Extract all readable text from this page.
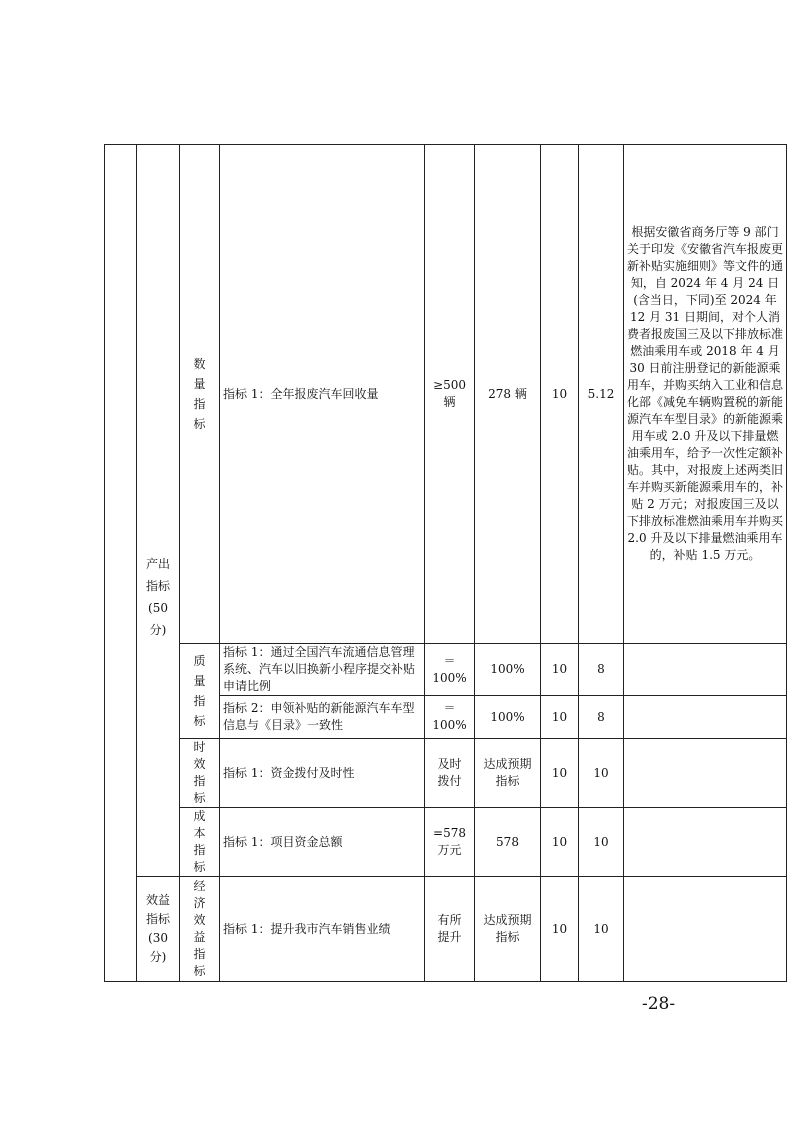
	产出指标(50分)	数量指标	指标 1：全年报废汽车回收量	≥500辆	278 辆	10	5.12	根据安徽省商务厅等 9 部门关于印发《安徽省汽车报废更新补贴实施细则》等文件的通知，自 2024 年 4 月 24 日(含当日，下同)至 2024 年 12 月 31 日期间，对个人消费者报废国三及以下排放标准燃油乘用车或 2018 年 4 月 30 日前注册登记的新能源乘用车，并购买纳入工业和信息化部《减免车辆购置税的新能源汽车车型目录》的新能源乘用车或 2.0 升及以下排量燃油乘用车，给予一次性定额补贴。其中，对报废上述两类旧车并购买新能源乘用车的，补贴 2 万元；对报废国三及以下排放标准燃油乘用车并购买 2.0 升及以下排量燃油乘用车的，补贴 1.5 万元。

		质量指标	指标 1：通过全国汽车流通信息管理系统、汽车以旧换新小程序提交补贴申请比例	＝100%	100%	10	8	
			指标 2：申领补贴的新能源汽车车型信息与《目录》一致性	＝100%	100%	10	8	

		时效指标	指标 1：资金拨付及时性	及时拨付	达成预期指标	10	10	

		成本指标	指标 1：项目资金总额	=578万元	578	10	10	

	效益指标(30分)	经济效益指标	指标 1：提升我市汽车销售业绩	有所提升	达成预期指标	10	10	
-28-
